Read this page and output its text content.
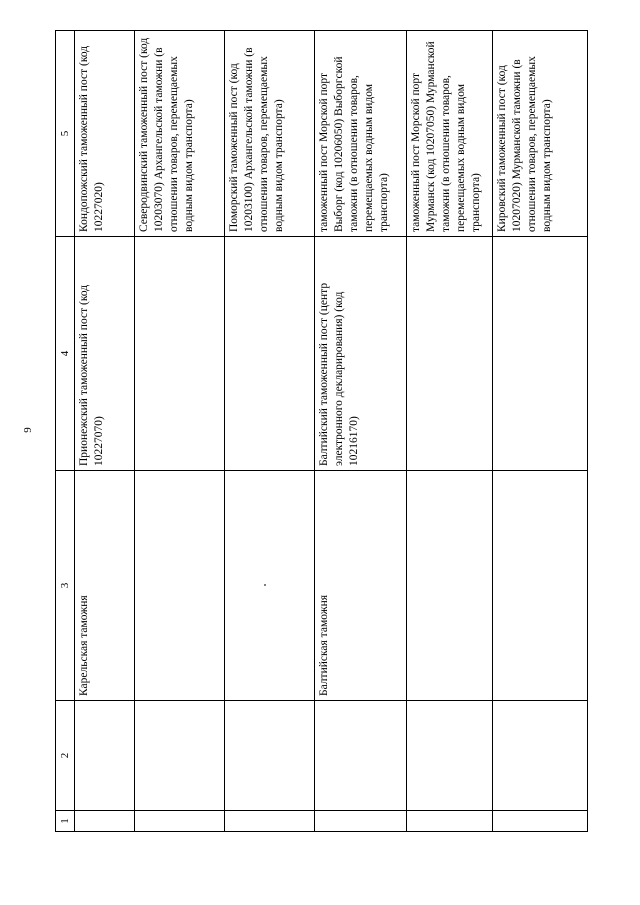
9
1	2	3	4	5
		Карельская таможня	Прионежский таможенный пост (код 10227070)	Кондопожский таможенный пост (код 10227020)
				Северодвинский таможенный пост (код 10203070) Архангельской таможни (в отношении товаров, перемещаемых водным видом транспорта)
				Поморский таможенный пост (код 10203100) Архангельской таможни (в отношении товаров, перемещаемых водным видом транспорта)
		Балтийская таможня	Балтийский таможенный пост (центр электронного декларирования) (код 10216170)	таможенный пост Морской порт Выборг (код 10206050) Выборгской таможни (в отношении товаров, перемещаемых водным видом транспорта)
				таможенный пост Морской порт Мурманск (код 10207050) Мурманской таможни (в отношении товаров, перемещаемых водным видом транспорта)
				Кировский таможенный пост (код 10207020) Мурманской таможни (в отношении товаров, перемещаемых водным видом транспорта)
